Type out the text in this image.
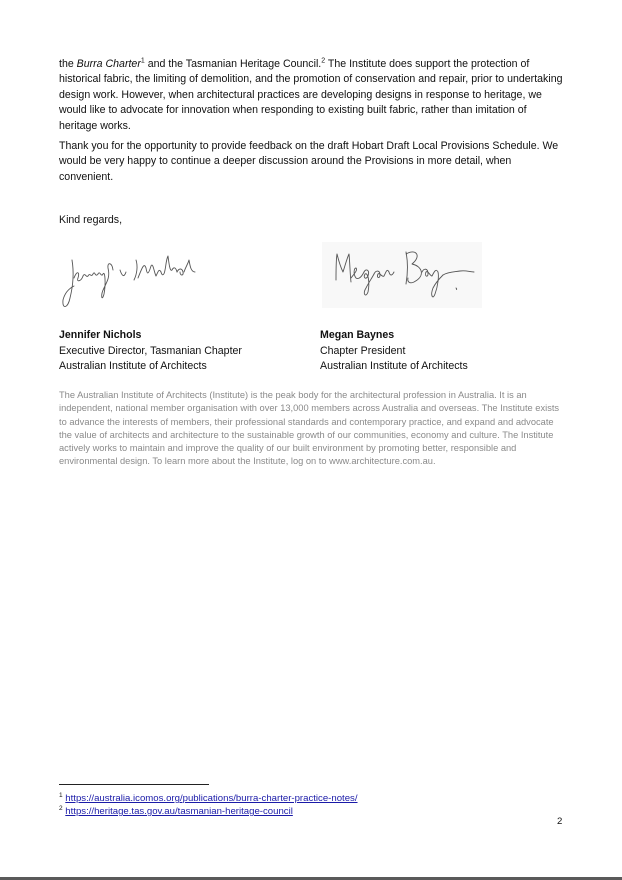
the Burra Charter$^1$ and the Tasmanian Heritage Council.$^2$ The Institute does support the protection of historical fabric, the limiting of demolition, and the promotion of conservation and repair, prior to undertaking design work. However, when architectural practices are developing designs in response to heritage, we would like to advocate for innovation when responding to existing built fabric, rather than imitation of heritage works.

Thank you for the opportunity to provide feedback on the draft Hobart Draft Local Provisions Schedule. We would be very happy to continue a deeper discussion around the Provisions in more detail, when convenient.

Kind regards,

Jennifer Nichols
Executive Director, Tasmanian Chapter
Australian Institute of Architects
Megan Baynes
Chapter President
Australian Institute of Architects

The Australian Institute of Architects (Institute) is the peak body for the architectural profession in Australia. It is an independent, national member organisation with over 13,000 members across Australia and overseas. The Institute exists to advance the interests of members, their professional standards and contemporary practice, and expand and advocate the value of architects and architecture to the sustainable growth of our communities, economy and culture. The Institute actively works to maintain and improve the quality of our built environment by promoting better, responsible and environmental design. To learn more about the Institute, log on to www.architecture.com.au.

$^1$ https://australia.icomos.org/publications/burra-charter-practice-notes/
$^2$ https://heritage.tas.gov.au/tasmanian-heritage-council
2
